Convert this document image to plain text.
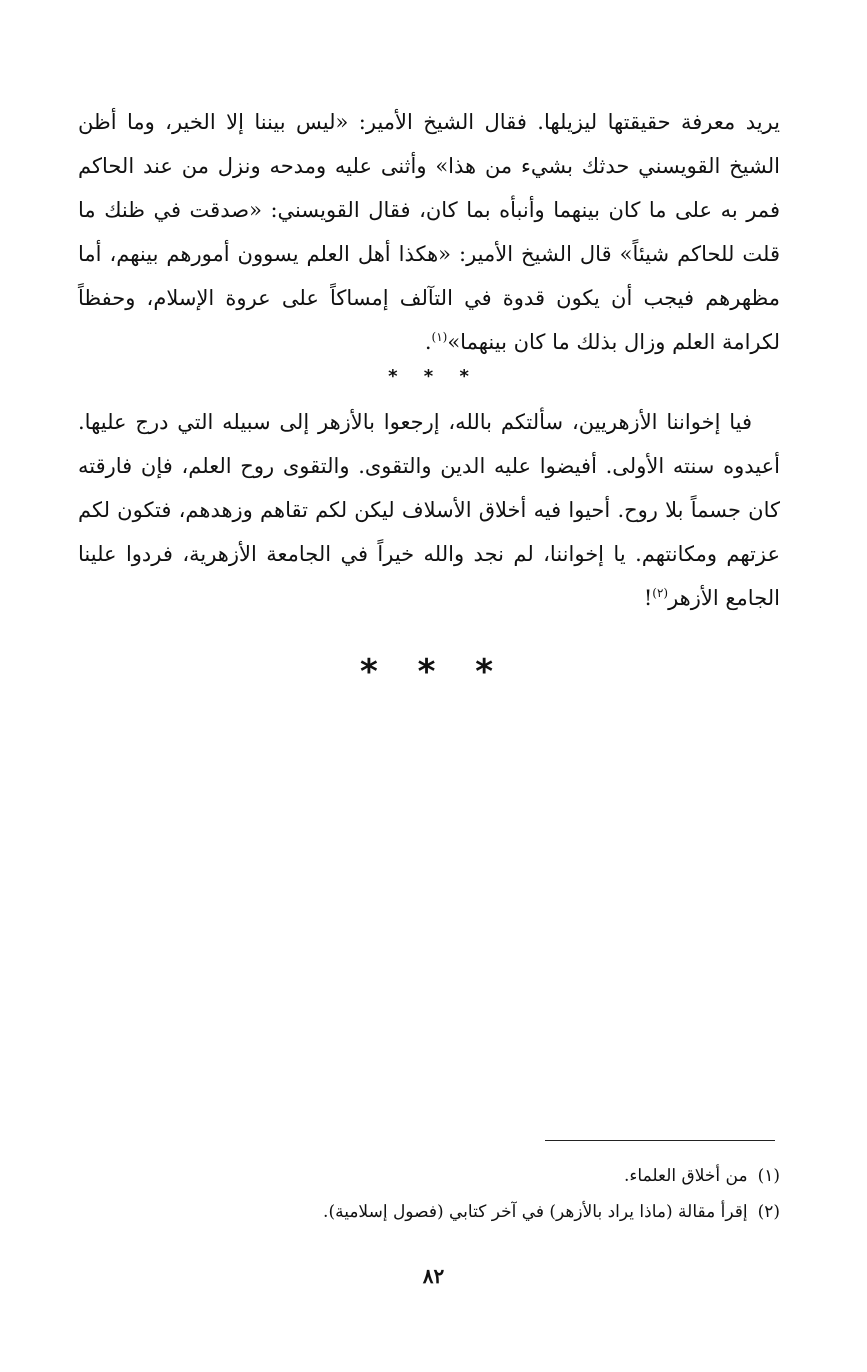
يريد معرفة حقيقتها ليزيلها. فقال الشيخ الأمير: «ليس بيننا إلا الخير، وما أظن الشيخ القويسني حدثك بشيء من هذا» وأثنى عليه ومدحه ونزل من عند الحاكم فمر به على ما كان بينهما وأنبأه بما كان، فقال القويسني: «صدقت في ظنك ما قلت للحاكم شيئاً» قال الشيخ الأمير: «هكذا أهل العلم يسوون أمورهم بينهم، أما مظهرهم فيجب أن يكون قدوة في التآلف إمساكاً على عروة الإسلام، وحفظاً لكرامة العلم وزال بذلك ما كان بينهما»$^{(١)}$.

* * *

فيا إخواننا الأزهريين، سألتكم بالله، إرجعوا بالأزهر إلى سبيله التي درج عليها. أعيدوه سنته الأولى. أفيضوا عليه الدين والتقوى. والتقوى روح العلم، فإن فارقته كان جسماً بلا روح. أحيوا فيه أخلاق الأسلاف ليكن لكم تقاهم وزهدهم، فتكون لكم عزتهم ومكانتهم. يا إخواننا، لم نجد والله خيراً في الجامعة الأزهرية، فردوا علينا الجامع الأزهر$^{(٢)}$!

* * *

(١)من أخلاق العلماء.

(٢)إقرأ مقالة (ماذا يراد بالأزهر) في آخر كتابي (فصول إسلامية).

٨٢
